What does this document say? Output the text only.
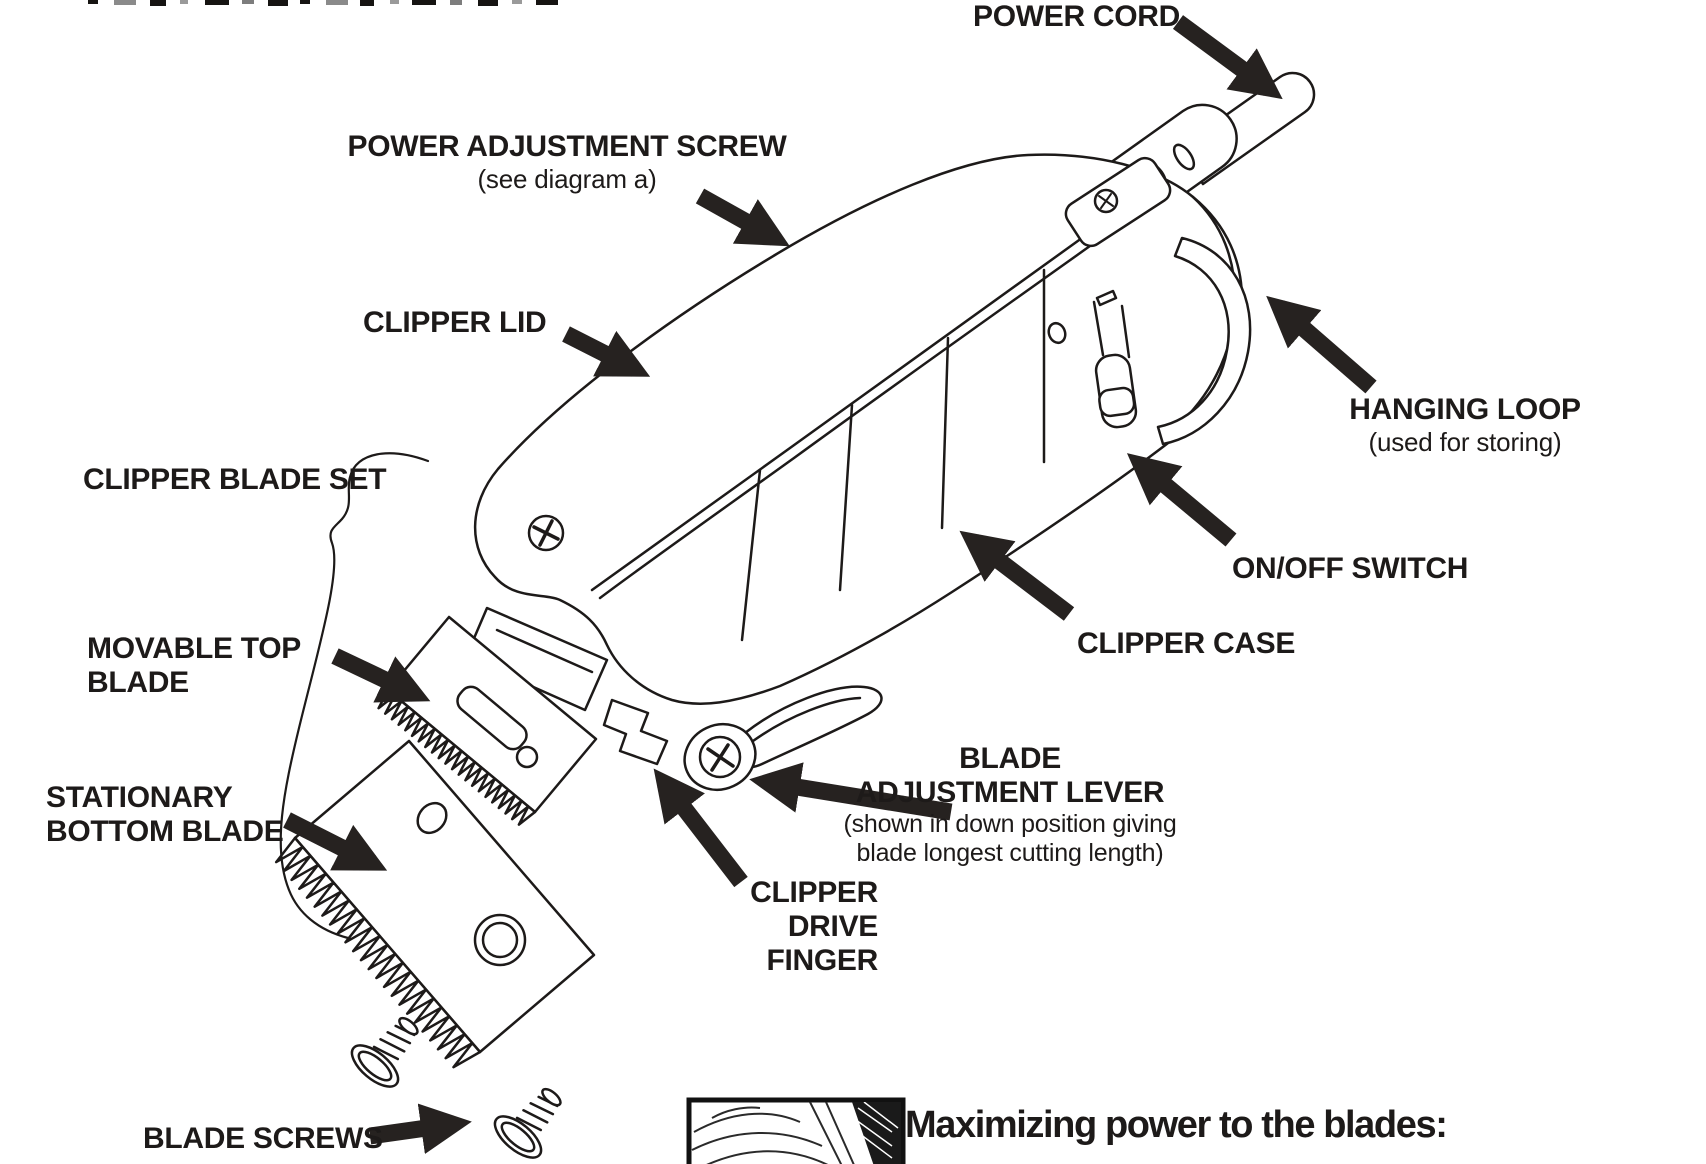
POWER CORD
POWER ADJUSTMENT SCREW
(see diagram a)
CLIPPER LID
CLIPPER BLADE SET
MOVABLE TOP
BLADE
STATIONARY
BOTTOM BLADE
CLIPPER
DRIVE
FINGER
BLADE
ADJUSTMENT LEVER
(shown in down position giving
blade longest cutting length)
ON/OFF SWITCH
CLIPPER CASE
HANGING LOOP
(used for storing)
BLADE SCREWS	Maximizing power to the blades:
